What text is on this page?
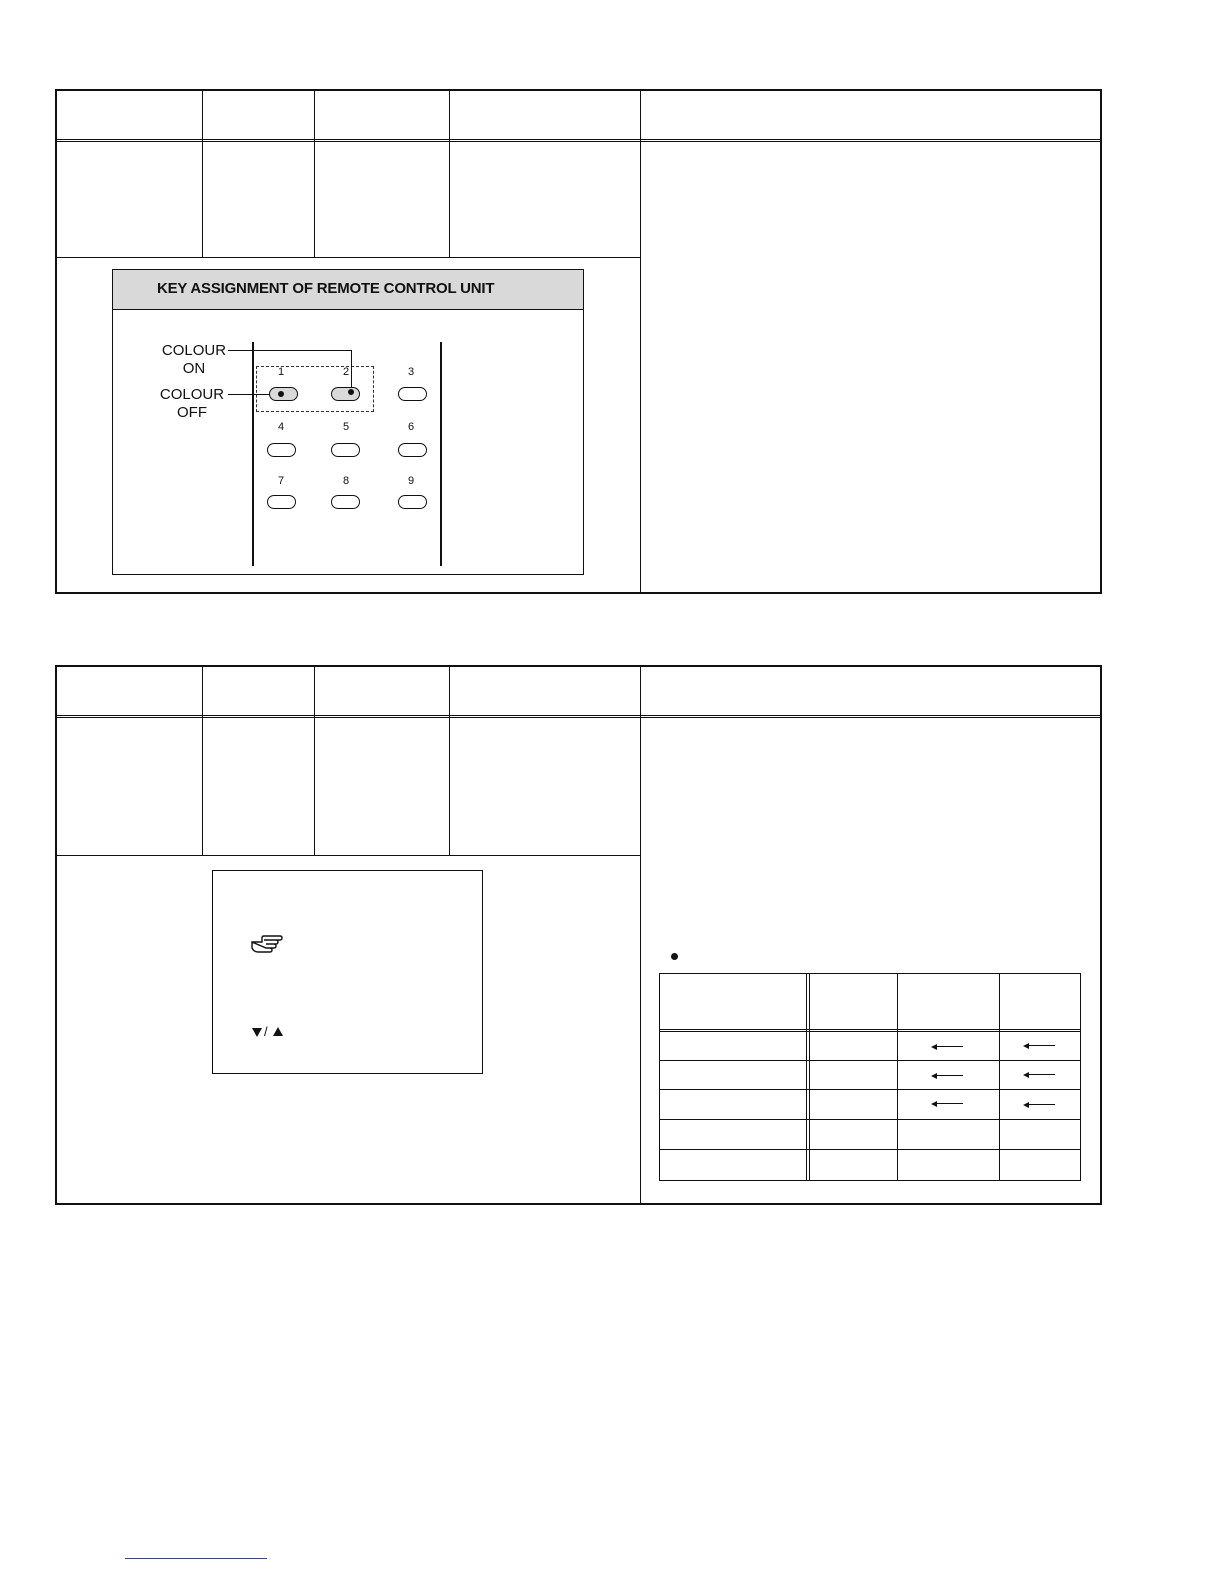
KEY ASSIGNMENT OF REMOTE CONTROL UNIT
COLOUR
ON
COLOUR
OFF
1	2	3
4	5	6
7	8	9
/
